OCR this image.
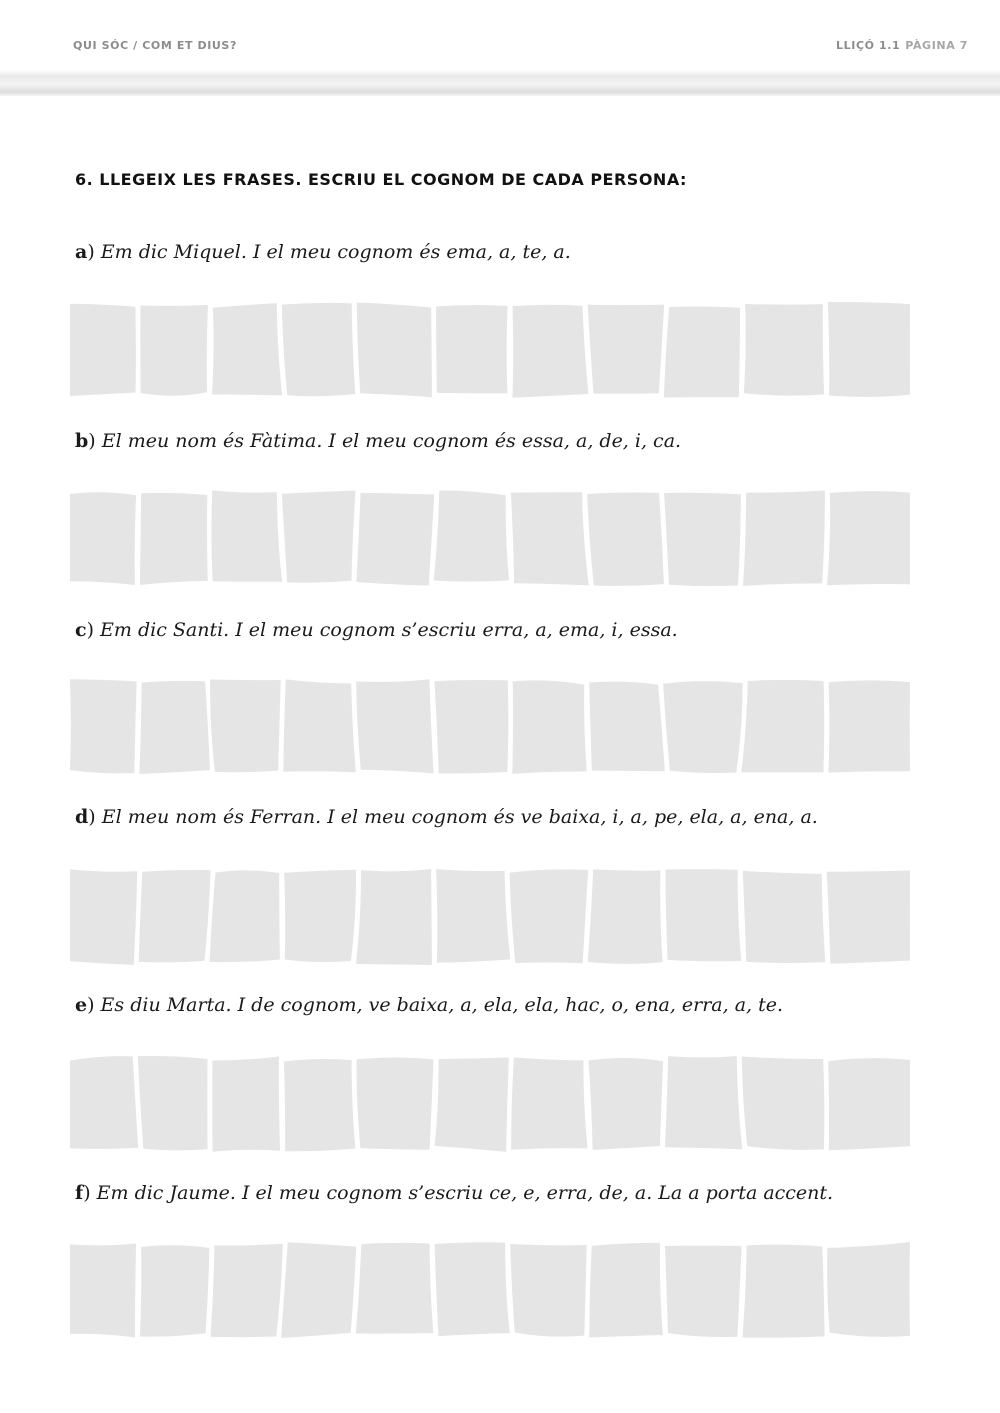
QUI SÓC / COM ET DIUS?	LLIÇÓ 1.1 PÀGINA 7
6. LLEGEIX LES FRASES. ESCRIU EL COGNOM DE CADA PERSONA:
a) Em dic Miquel. I el meu cognom és ema, a, te, a.
b) El meu nom és Fàtima. I el meu cognom és essa, a, de, i, ca.
c) Em dic Santi. I el meu cognom s’escriu erra, a, ema, i, essa.
d) El meu nom és Ferran. I el meu cognom és ve baixa, i, a, pe, ela, a, ena, a.
e) Es diu Marta. I de cognom, ve baixa, a, ela, ela, hac, o, ena, erra, a, te.
f) Em dic Jaume. I el meu cognom s’escriu ce, e, erra, de, a. La a porta accent.
